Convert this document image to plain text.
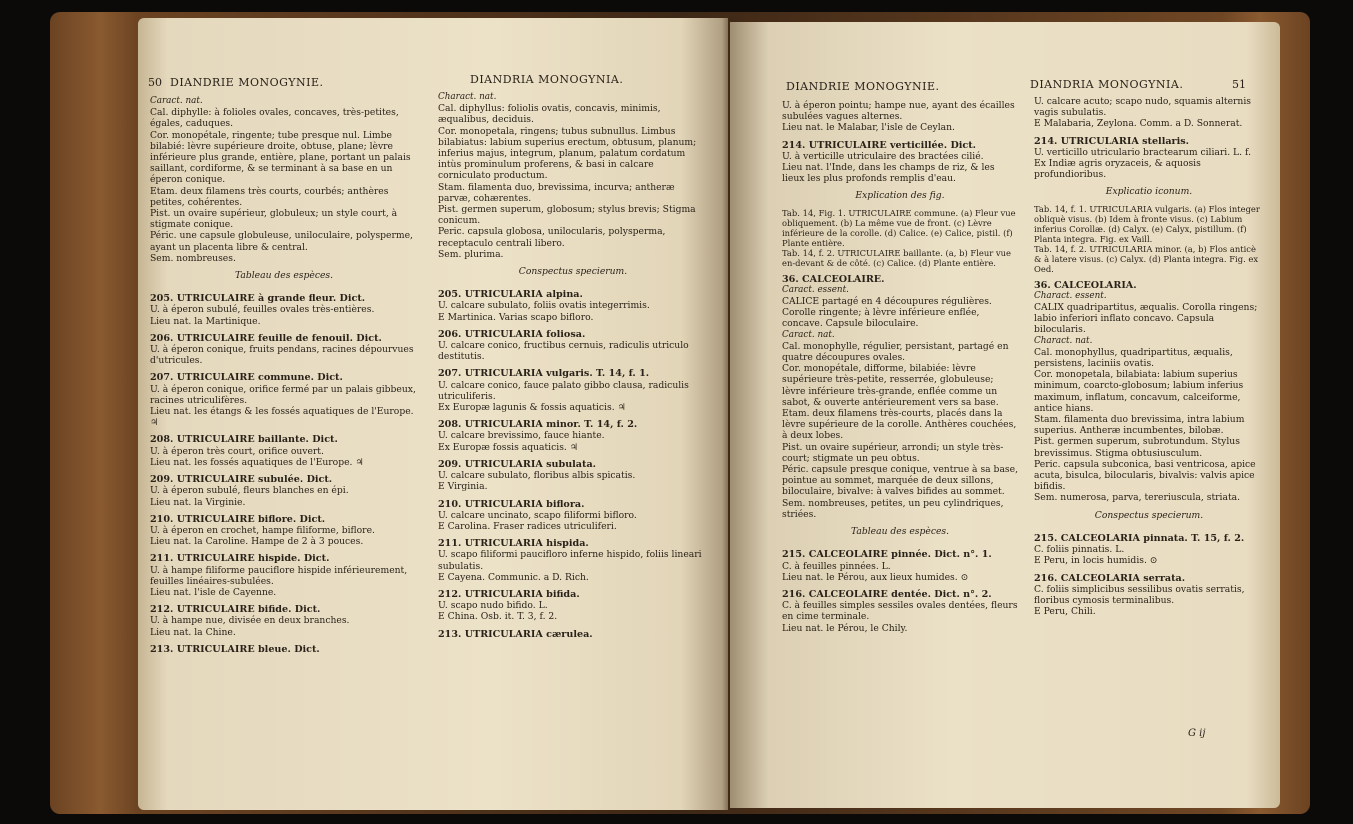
50 DIANDRIE MONOGYNIE.	DIANDRIA MONOGYNIA.

Caract. nat.

Cal. diphylle: à folioles ovales, concaves, très-petites, égales, caduques.

Cor. monopétale, ringente; tube presque nul. Limbe bilabié: lèvre supérieure droite, obtuse, plane; lèvre inférieure plus grande, entière, plane, portant un palais saillant, cordiforme, & se terminant à sa base en un éperon conique.

Etam. deux filamens très courts, courbés; anthères petites, cohérentes.

Pist. un ovaire supérieur, globuleux; un style court, à stigmate conique.

Péric. une capsule globuleuse, uniloculaire, polysperme, ayant un placenta libre & central.

Sem. nombreuses.

Tableau des espèces.

205. UTRICULAIRE à grande fleur. Dict.

U. à éperon subulé, feuilles ovales très-entières.

Lieu nat. la Martinique.

206. UTRICULAIRE feuille de fenouil. Dict.

U. à éperon conique, fruits pendans, racines dépourvues d'utricules.

207. UTRICULAIRE commune. Dict.

U. à éperon conique, orifice fermé par un palais gibbeux, racines utriculifères.

Lieu nat. les étangs & les fossés aquatiques de l'Europe. ♃

208. UTRICULAIRE baillante. Dict.

U. à éperon très court, orifice ouvert.

Lieu nat. les fossés aquatiques de l'Europe. ♃

209. UTRICULAIRE subulée. Dict.

U. à éperon subulé, fleurs blanches en épi.

Lieu nat. la Virginie.

210. UTRICULAIRE biflore. Dict.

U. à éperon en crochet, hampe filiforme, biflore.

Lieu nat. la Caroline. Hampe de 2 à 3 pouces.

211. UTRICULAIRE hispide. Dict.

U. à hampe filiforme pauciflore hispide inférieurement, feuilles linéaires-subulées.

Lieu nat. l'isle de Cayenne.

212. UTRICULAIRE bifide. Dict.

U. à hampe nue, divisée en deux branches.

Lieu nat. la Chine.

213. UTRICULAIRE bleue. Dict.

Charact. nat.

Cal. diphyllus: foliolis ovatis, concavis, minimis, æqualibus, deciduis.

Cor. monopetala, ringens; tubus subnullus. Limbus bilabiatus: labium superius erectum, obtusum, planum; inferius majus, integrum, planum, palatum cordatum intùs prominulum proferens, & basi in calcare corniculato productum.

Stam. filamenta duo, brevissima, incurva; antheræ parvæ, cohærentes.

Pist. germen superum, globosum; stylus brevis; Stigma conicum.

Peric. capsula globosa, unilocularis, polysperma, receptaculo centrali libero.

Sem. plurima.

Conspectus specierum.

205. UTRICULARIA alpina.

U. calcare subulato, foliis ovatis integerrimis.

E Martinica. Varias scapo bifloro.

206. UTRICULARIA foliosa.

U. calcare conico, fructibus cernuis, radiculis utriculo destitutis.

207. UTRICULARIA vulgaris. T. 14, f. 1.

U. calcare conico, fauce palato gibbo clausa, radiculis utriculiferis.

Ex Europæ lagunis & fossis aquaticis. ♃

208. UTRICULARIA minor. T. 14, f. 2.

U. calcare brevissimo, fauce hiante.

Ex Europæ fossis aquaticis. ♃

209. UTRICULARIA subulata.

U. calcare subulato, floribus albis spicatis.

E Virginia.

210. UTRICULARIA biflora.

U. calcare uncinato, scapo filiformi bifloro.

E Carolina. Fraser radices utriculiferi.

211. UTRICULARIA hispida.

U. scapo filiformi paucifloro inferne hispido, foliis lineari subulatis.

E Cayena. Communic. a D. Rich.

212. UTRICULARIA bifida.

U. scapo nudo bifido. L.

E China. Osb. it. T. 3, f. 2.

213. UTRICULARIA cærulea.

DIANDRIE MONOGYNIE.	DIANDRIA MONOGYNIA.	51

U. à éperon pointu; hampe nue, ayant des écailles subulées vagues alternes.

Lieu nat. le Malabar, l'isle de Ceylan.

214. UTRICULAIRE verticillée. Dict.

U. à verticille utriculaire des bractées cilié.

Lieu nat. l'Inde, dans les champs de riz, & les lieux les plus profonds remplis d'eau.

Explication des fig.

Tab. 14, Fig. 1. UTRICULAIRE commune. (a) Fleur vue obliquement. (b) La même vue de front. (c) Lèvre inférieure de la corolle. (d) Calice. (e) Calice, pistil. (f) Plante entière.

Tab. 14, f. 2. UTRICULAIRE baillante. (a, b) Fleur vue en-devant & de côté. (c) Calice. (d) Plante entière.

36. CALCEOLAIRE.

Caract. essent.

CALICE partagé en 4 découpures régulières. Corolle ringente; à lèvre inférieure enflée, concave. Capsule biloculaire.

Caract. nat.

Cal. monophylle, régulier, persistant, partagé en quatre découpures ovales.

Cor. monopétale, difforme, bilabiée: lèvre supérieure très-petite, resserrée, globuleuse; lèvre inférieure très-grande, enflée comme un sabot, & ouverte antérieurement vers sa base.

Etam. deux filamens très-courts, placés dans la lèvre supérieure de la corolle. Anthères couchées, à deux lobes.

Pist. un ovaire supérieur, arrondi; un style très-court; stigmate un peu obtus.

Péric. capsule presque conique, ventrue à sa base, pointue au sommet, marquée de deux sillons, biloculaire, bivalve: à valves bifides au sommet.

Sem. nombreuses, petites, un peu cylindriques, striées.

Tableau des espèces.

215. CALCEOLAIRE pinnée. Dict. n°. 1.

C. à feuilles pinnées. L.

Lieu nat. le Pérou, aux lieux humides. ⊙

216. CALCEOLAIRE dentée. Dict. n°. 2.

C. à feuilles simples sessiles ovales dentées, fleurs en cime terminale.

Lieu nat. le Pérou, le Chily.

U. calcare acuto; scapo nudo, squamis alternis vagis subulatis.

E Malabaria, Zeylona. Comm. a D. Sonnerat.

214. UTRICULARIA stellaris.

U. verticillo utriculario bractearum ciliari. L. f. Ex Indiæ agris oryzaceis, & aquosis profundioribus.

Explicatio iconum.

Tab. 14, f. 1. UTRICULARIA vulgaris. (a) Flos integer obliquè visus. (b) Idem à fronte visus. (c) Labium inferius Corollæ. (d) Calyx. (e) Calyx, pistillum. (f) Planta integra. Fig. ex Vaill.

Tab. 14, f. 2. UTRICULARIA minor. (a, b) Flos anticè & à latere visus. (c) Calyx. (d) Planta integra. Fig. ex Oed.

36. CALCEOLARIA.

Charact. essent.

CALIX quadripartitus, æqualis. Corolla ringens; labio inferiori inflato concavo. Capsula bilocularis.

Charact. nat.

Cal. monophyllus, quadripartitus, æqualis, persistens, laciniis ovatis.

Cor. monopetala, bilabiata: labium superius minimum, coarcto-globosum; labium inferius maximum, inflatum, concavum, calceiforme, antice hians.

Stam. filamenta duo brevissima, intra labium superius. Antheræ incumbentes, bilobæ.

Pist. germen superum, subrotundum. Stylus brevissimus. Stigma obtusiusculum.

Peric. capsula subconica, basi ventricosa, apice acuta, bisulca, bilocularis, bivalvis: valvis apice bifidis.

Sem. numerosa, parva, tereriuscula, striata.

Conspectus specierum.

215. CALCEOLARIA pinnata. T. 15, f. 2.

C. foliis pinnatis. L.

E Peru, in locis humidis. ⊙

216. CALCEOLARIA serrata.

C. foliis simplicibus sessilibus ovatis serratis, floribus cymosis terminalibus.

E Peru, Chili.

G ij
